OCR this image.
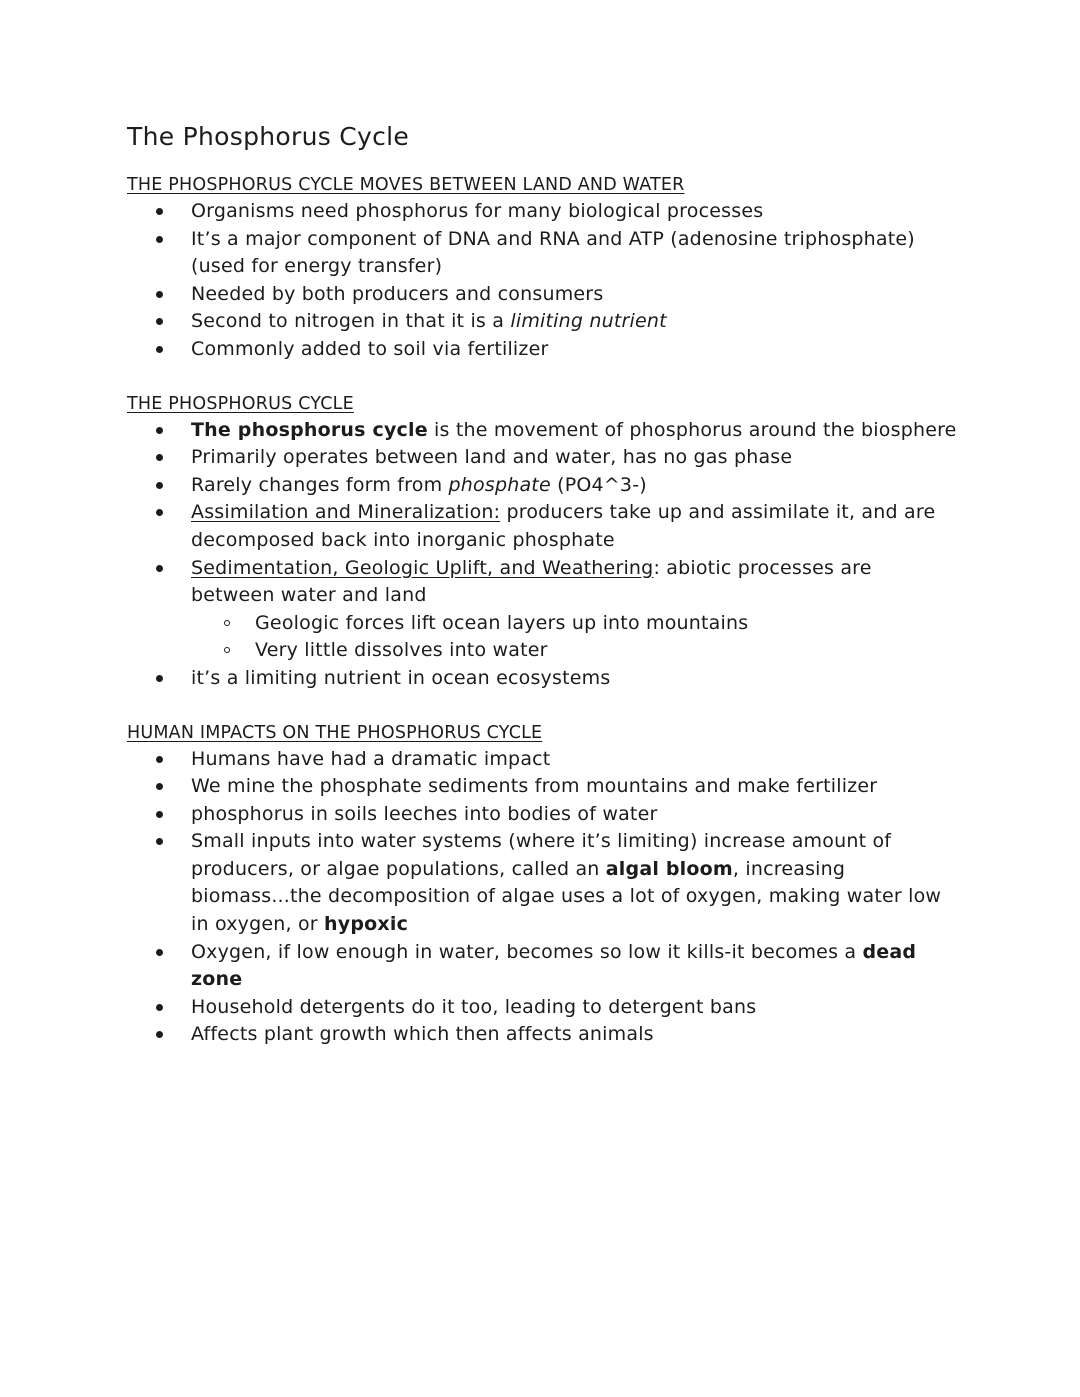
The Phosphorus Cycle

THE PHOSPHORUS CYCLE MOVES BETWEEN LAND AND WATER

Organisms need phosphorus for many biological processes
It’s a major component of DNA and RNA and ATP (adenosine triphosphate) (used for energy transfer)
Needed by both producers and consumers
Second to nitrogen in that it is a limiting nutrient
Commonly added to soil via fertilizer

THE PHOSPHORUS CYCLE

The phosphorus cycle is the movement of phosphorus around the biosphere
Primarily operates between land and water, has no gas phase
Rarely changes form from phosphate (PO4^3-)
Assimilation and Mineralization: producers take up and assimilate it, and are decomposed back into inorganic phosphate
Sedimentation, Geologic Uplift, and Weathering: abiotic processes are between water and land
Geologic forces lift ocean layers up into mountains
Very little dissolves into water
it’s a limiting nutrient in ocean ecosystems

HUMAN IMPACTS ON THE PHOSPHORUS CYCLE

Humans have had a dramatic impact
We mine the phosphate sediments from mountains and make fertilizer
phosphorus in soils leeches into bodies of water
Small inputs into water systems (where it’s limiting) increase amount of producers, or algae populations, called an algal bloom, increasing biomass...the decomposition of algae uses a lot of oxygen, making water low in oxygen, or hypoxic
Oxygen, if low enough in water, becomes so low it kills-it becomes a dead zone
Household detergents do it too, leading to detergent bans
Affects plant growth which then affects animals
